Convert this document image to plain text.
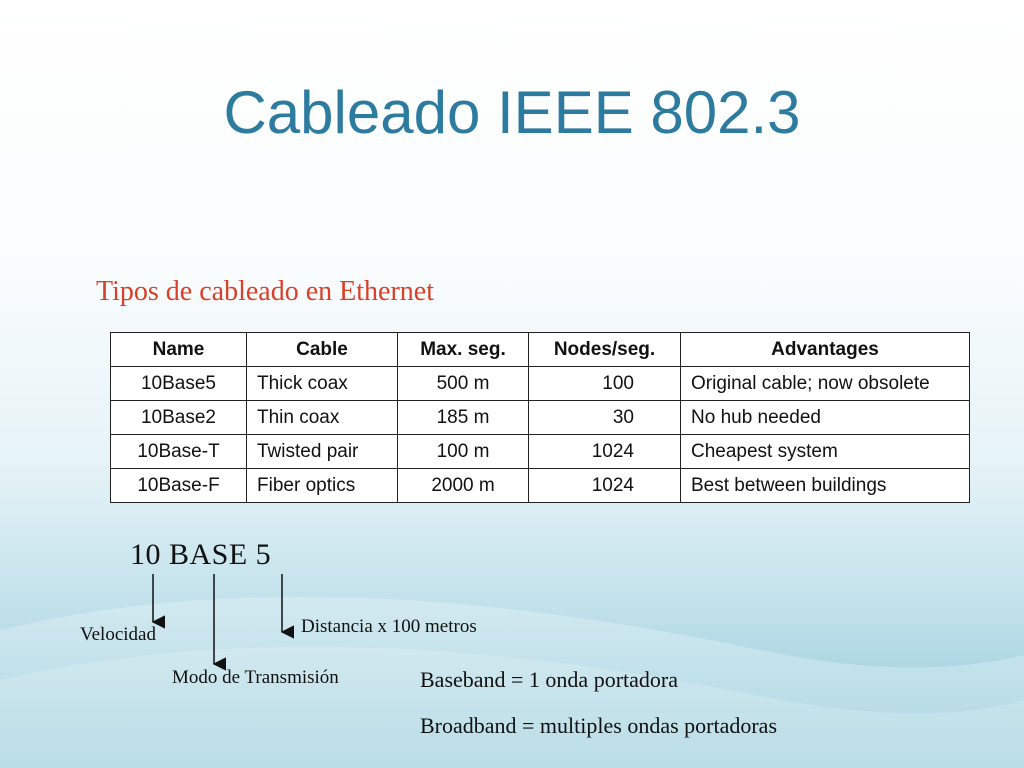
Cableado IEEE 802.3
Tipos de cableado en Ethernet
Name	Cable	Max. seg.	Nodes/seg.	Advantages
10Base5	Thick coax	500 m	100	Original cable; now obsolete
10Base2	Thin coax	185 m	30	No hub needed
10Base-T	Twisted pair	100 m	1024	Cheapest system
10Base-F	Fiber optics	2000 m	1024	Best between buildings

10 BASE 5

Velocidad	Distancia x 100 metros

Modo de Transmisión	Baseband = 1 onda portadora

Broadband = multiples ondas portadoras
